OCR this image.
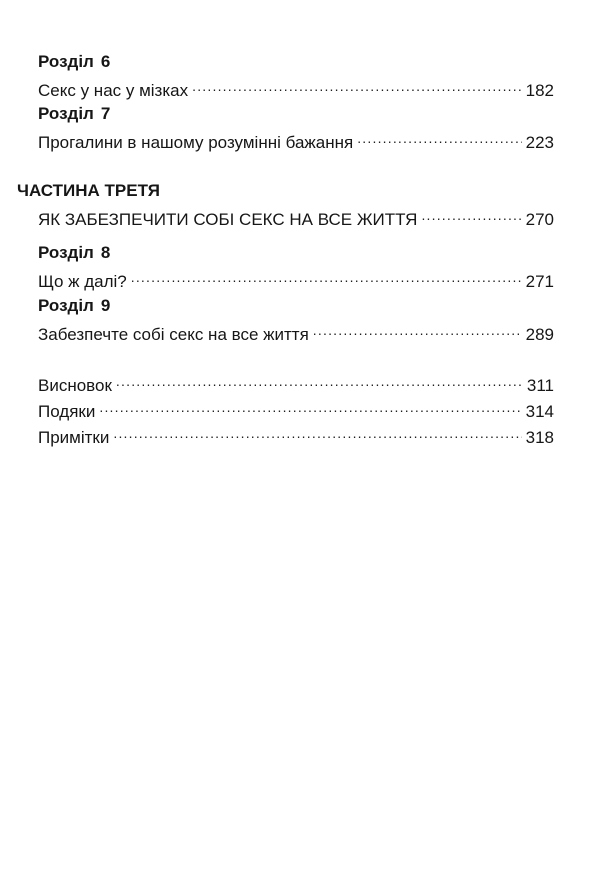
Розділ 6
Секс у нас у мізках .....	182
Розділ 7
Прогалини в нашому розумінні бажання .....	223
ЧАСТИНА ТРЕТЯ
ЯК ЗАБЕЗПЕЧИТИ СОБІ СЕКС НА ВСЕ ЖИТТЯ .....	270
Розділ 8
Що ж далі? .....	271
Розділ 9
Забезпечте собі секс на все життя .....	289
Висновок .....	311
Подяки .....	314
Примітки .....	318
